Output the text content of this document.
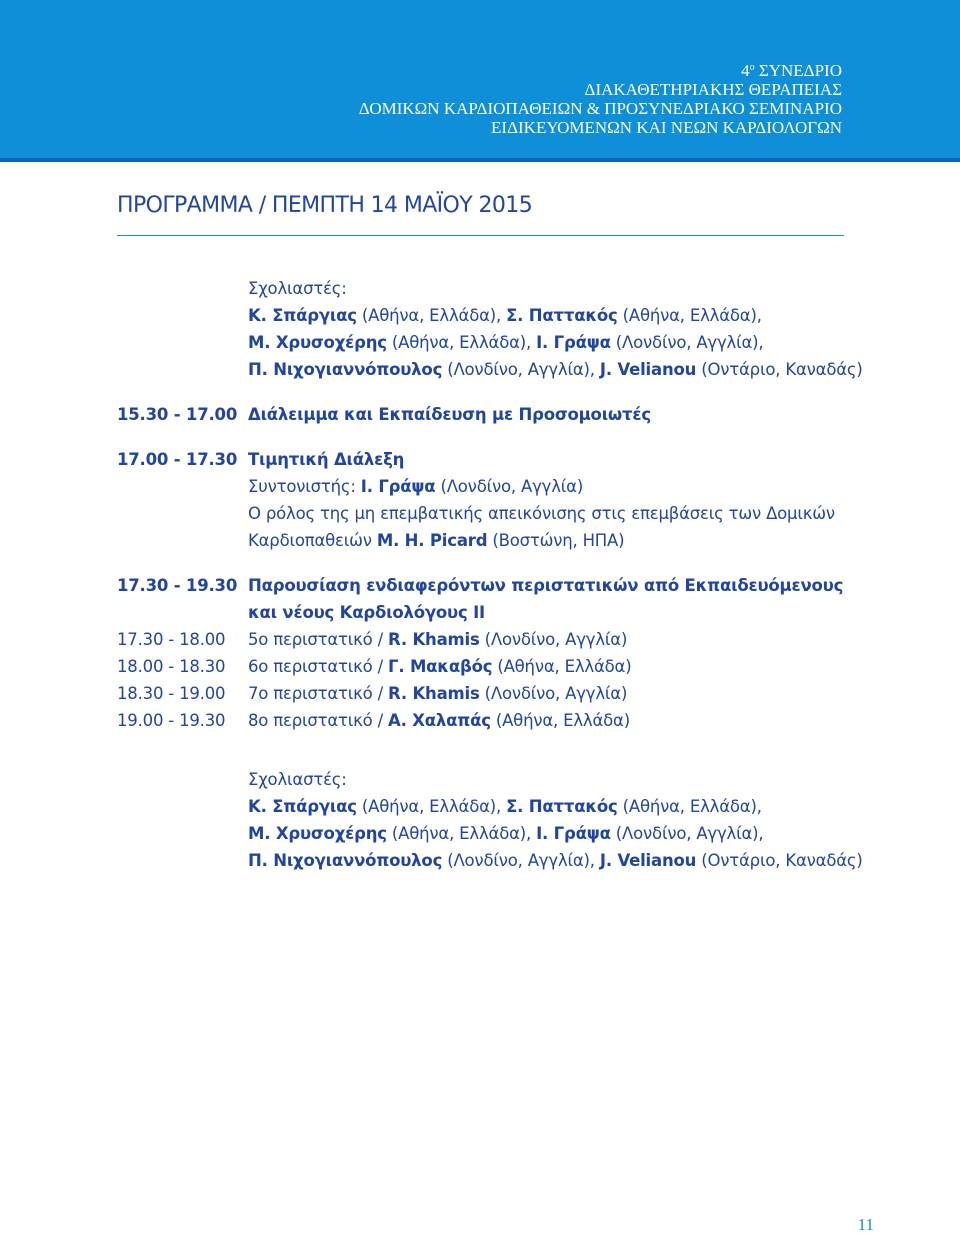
$4^o$ ΣΥΝΕΔΡΙΟ
ΔΙΑΚΑΘΕΤΗΡΙΑΚΗΣ ΘΕΡΑΠΕΙΑΣ
ΔΟΜΙΚΩΝ ΚΑΡΔΙΟΠΑΘΕΙΩΝ & ΠΡΟΣΥΝΕΔΡΙΑΚΟ ΣΕΜΙΝΑΡΙΟ
ΕΙΔΙΚΕΥΟΜΕΝΩΝ ΚΑΙ ΝΕΩΝ ΚΑΡΔΙΟΛΟΓΩΝ
ΠΡΟΓΡΑΜΜΑ / ΠΕΜΠΤΗ 14 ΜΑΪΟΥ 2015
Σχολιαστές:
Κ. Σπάργιας (Αθήνα, Ελλάδα), Σ. Παττακός (Αθήνα, Ελλάδα),
Μ. Χρυσοχέρης (Αθήνα, Ελλάδα), Ι. Γράψα (Λονδίνο, Αγγλία),
Π. Νιχογιαννόπουλος (Λονδίνο, Αγγλία), J. Velianou (Οντάριο, Καναδάς)
15.30 - 17.00 Διάλειμμα και Εκπαίδευση με Προσομοιωτές
17.00 - 17.30 Τιμητική Διάλεξη
Συντονιστής: Ι. Γράψα (Λονδίνο, Αγγλία)
Ο ρόλος της μη επεμβατικής απεικόνισης στις επεμβάσεις των Δομικών
Καρδιοπαθειών M. H. Picard (Βοστώνη, ΗΠΑ)
17.30 - 19.30 Παρουσίαση ενδιαφερόντων περιστατικών από Εκπαιδευόμενους
και νέους Καρδιολόγους ΙΙ
17.30 - 18.00	5ο περιστατικό / R. Khamis (Λονδίνο, Αγγλία)
18.00 - 18.30	6ο περιστατικό / Γ. Μακαβός (Αθήνα, Ελλάδα)
18.30 - 19.00	7ο περιστατικό / R. Khamis (Λονδίνο, Αγγλία)
19.00 - 19.30	8ο περιστατικό / Α. Χαλαπάς (Αθήνα, Ελλάδα)
Σχολιαστές:
Κ. Σπάργιας (Αθήνα, Ελλάδα), Σ. Παττακός (Αθήνα, Ελλάδα),
Μ. Χρυσοχέρης (Αθήνα, Ελλάδα), Ι. Γράψα (Λονδίνο, Αγγλία),
Π. Νιχογιαννόπουλος (Λονδίνο, Αγγλία), J. Velianou (Οντάριο, Καναδάς)
11
